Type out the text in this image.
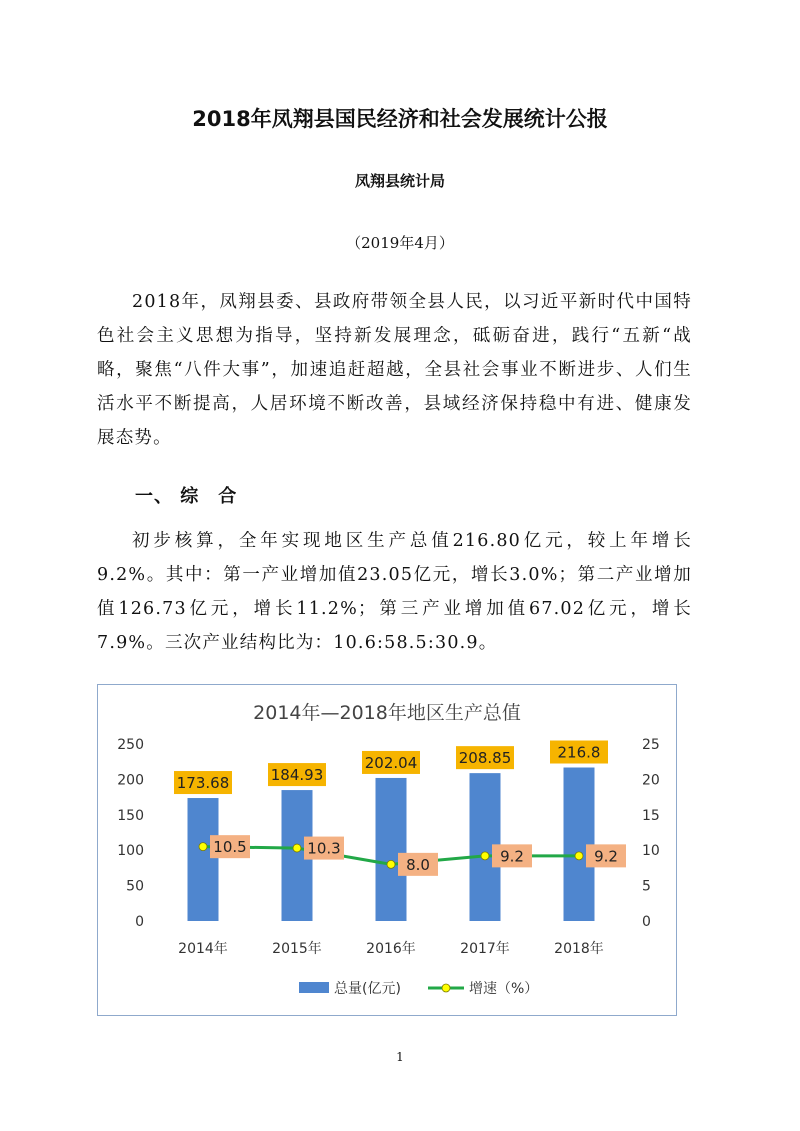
2018年凤翔县国民经济和社会发展统计公报
凤翔县统计局
（2019年4月）
2018年，凤翔县委、县政府带领全县人民，以习近平新时代中国特色社会主义思想为指导，坚持新发展理念，砥砺奋进，践行“五新“战略，聚焦“八件大事”，加速追赶超越，全县社会事业不断进步、人们生活水平不断提高，人居环境不断改善，县域经济保持稳中有进、健康发展态势。
一、 综　合
初步核算，全年实现地区生产总值216.80亿元，较上年增长9.2%。其中：第一产业增加值23.05亿元，增长3.0%；第二产业增加值126.73亿元，增长11.2%；第三产业增加值67.02亿元，增长7.9%。三次产业结构比为：10.6:58.5:30.9。
2014年—2018年地区生产总值
0
50
100
150
200
250
0
5
10
15
20
25
173.68	184.93
202.04	208.85	216.8
10.5	10.3
8.0	9.2	9.2
2014年	2015年	2016年	2017年	2018年
总量(亿元)	增速（%）
1
